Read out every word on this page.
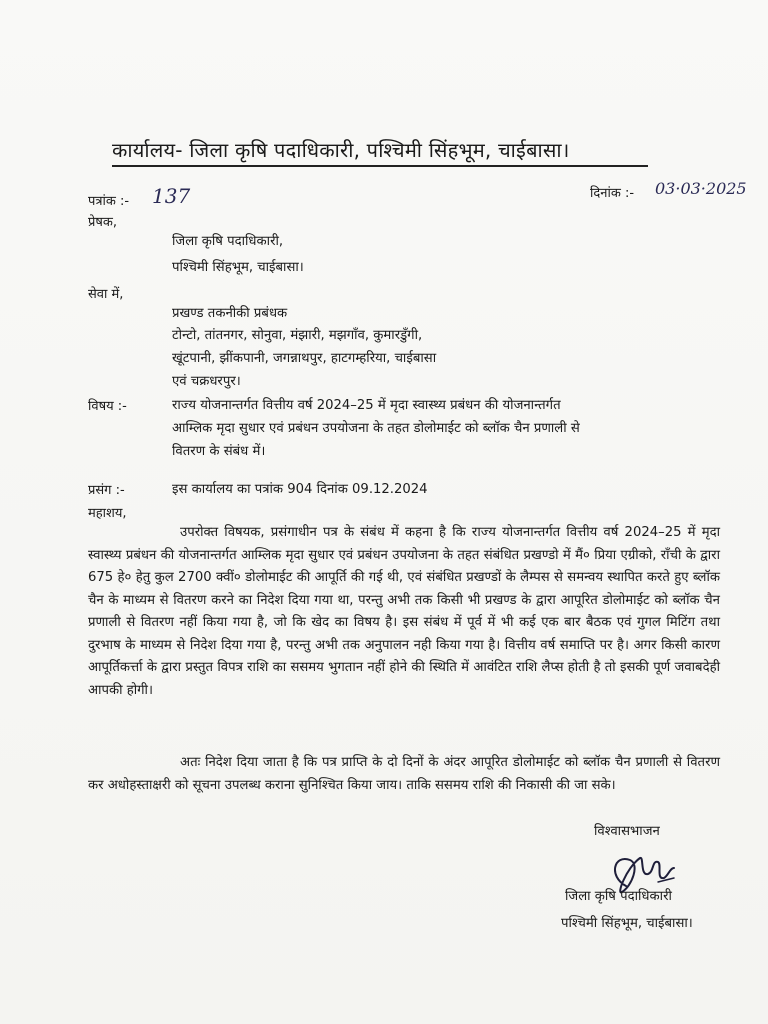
कार्यालय- जिला कृषि पदाधिकारी, पश्चिमी सिंहभूम, चाईबासा।
पत्रांक :- 137	दिनांक :- 03·03·2025
प्रेषक,
जिला कृषि पदाधिकारी,
पश्चिमी सिंहभूम, चाईबासा।
सेवा में,
प्रखण्ड तकनीकी प्रबंधक
टोन्टो, तांतनगर, सोनुवा, मंझारी, मझगाँव, कुमारडुँगी,
खूंटपानी, झींकपानी, जगन्नाथपुर, हाटगम्हरिया, चाईबासा
एवं चक्रधरपुर।
विषय :-	राज्य योजनान्तर्गत वित्तीय वर्ष 2024–25 में मृदा स्वास्थ्य प्रबंधन की योजनान्तर्गत
आम्लिक मृदा सुधार एवं प्रबंधन उपयोजना के तहत डोलोमाईट को ब्लॉक चैन प्रणाली से
वितरण के संबंध में।
प्रसंग :-	इस कार्यालय का पत्रांक 904 दिनांक 09.12.2024
महाशय,
उपरोक्त विषयक, प्रसंगाधीन पत्र के संबंध में कहना है कि राज्य योजनान्तर्गत वित्तीय वर्ष 2024–25 में मृदा स्वास्थ्य प्रबंधन की योजनान्तर्गत आम्लिक मृदा सुधार एवं प्रबंधन उपयोजना के तहत संबंधित प्रखण्डो में मैं० प्रिया एग्रीको, राँची के द्वारा 675 हे० हेतु कुल 2700 क्वीं० डोलोमाईट की आपूर्ति की गई थी, एवं संबंधित प्रखण्डों के लैम्पस से समन्वय स्थापित करते हुए ब्लॉक चैन के माध्यम से वितरण करने का निदेश दिया गया था, परन्तु अभी तक किसी भी प्रखण्ड के द्वारा आपूरित डोलोमाईट को ब्लॉक चैन प्रणाली से वितरण नहीं किया गया है, जो कि खेद का विषय है। इस संबंध में पूर्व में भी कई एक बार बैठक एवं गुगल मिटिंग तथा दुरभाष के माध्यम से निदेश दिया गया है, परन्तु अभी तक अनुपालन नही किया गया है। वित्तीय वर्ष समाप्ति पर है। अगर किसी कारण आपूर्तिकर्त्ता के द्वारा प्रस्तुत विपत्र राशि का ससमय भुगतान नहीं होने की स्थिति में आवंटित राशि लैप्स होती है तो इसकी पूर्ण जवाबदेही आपकी होगी।
अतः निदेश दिया जाता है कि पत्र प्राप्ति के दो दिनों के अंदर आपूरित डोलोमाईट को ब्लॉक चैन प्रणाली से वितरण कर अधोहस्ताक्षरी को सूचना उपलब्ध कराना सुनिश्चित किया जाय। ताकि ससमय राशि की निकासी की जा सके।
विश्वासभाजन
जिला कृषि पदाधिकारी
पश्चिमी सिंहभूम, चाईबासा।
